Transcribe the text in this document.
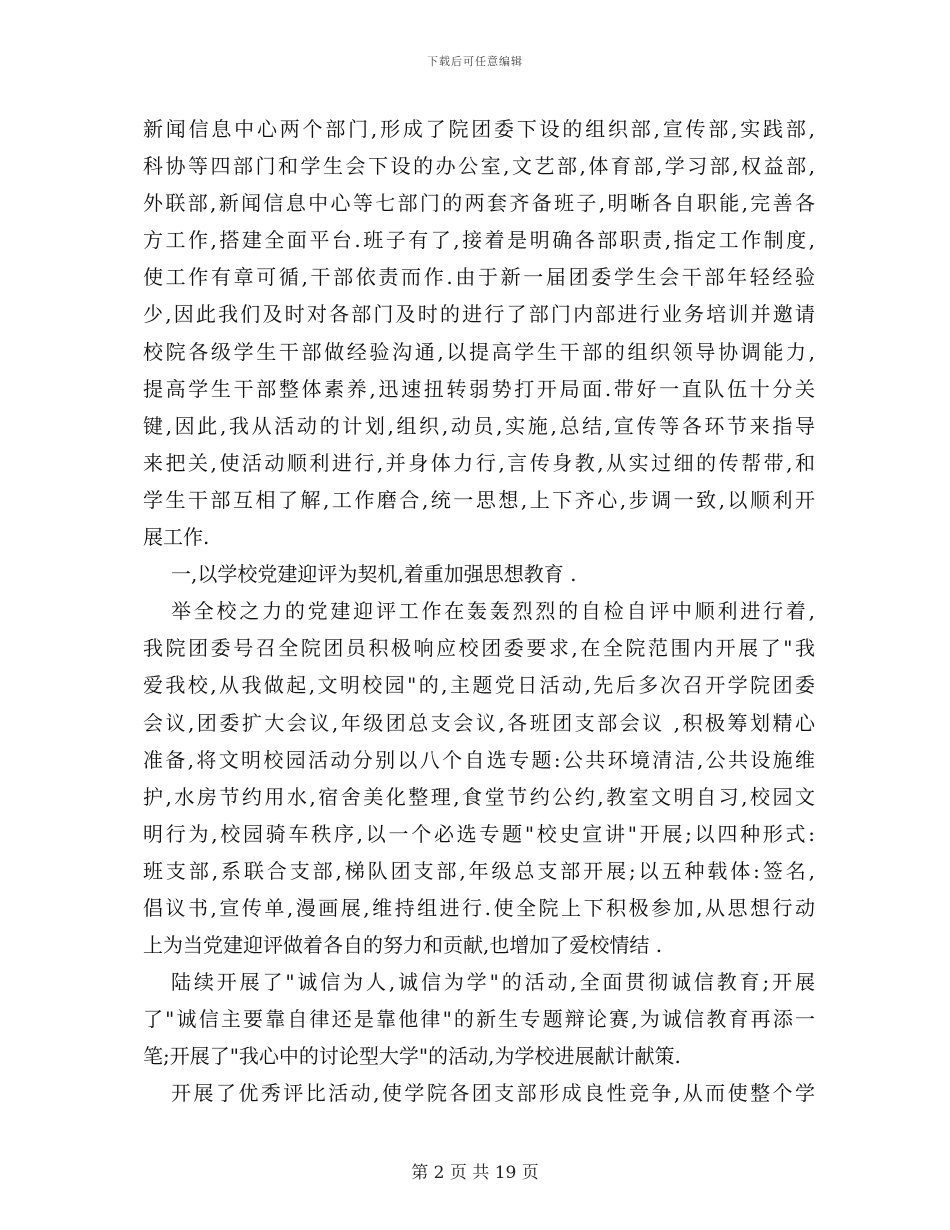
下载后可任意编辑
新闻信息中心两个部门,形成了院团委下设的组织部,宣传部,实践部,
科协等四部门和学生会下设的办公室,文艺部,体育部,学习部,权益部,
外联部,新闻信息中心等七部门的两套齐备班子,明晰各自职能,完善各
方工作,搭建全面平台.班子有了,接着是明确各部职责,指定工作制度,
使工作有章可循,干部依责而作.由于新一届团委学生会干部年轻经验
少,因此我们及时对各部门及时的进行了部门内部进行业务培训并邀请
校院各级学生干部做经验沟通,以提高学生干部的组织领导协调能力,
提高学生干部整体素养,迅速扭转弱势打开局面.带好一直队伍十分关
键,因此,我从活动的计划,组织,动员,实施,总结,宣传等各环节来指导
来把关,使活动顺利进行,并身体力行,言传身教,从实过细的传帮带,和
学生干部互相了解,工作磨合,统一思想,上下齐心,步调一致,以顺利开
展工作.
一,以学校党建迎评为契机,着重加强思想教育 .
举全校之力的党建迎评工作在轰轰烈烈的自检自评中顺利进行着,
我院团委号召全院团员积极响应校团委要求,在全院范围内开展了"我
爱我校,从我做起,文明校园"的,主题党日活动,先后多次召开学院团委
会议,团委扩大会议,年级团总支会议,各班团支部会议 ,积极筹划精心
准备,将文明校园活动分别以八个自选专题:公共环境清洁,公共设施维
护,水房节约用水,宿舍美化整理,食堂节约公约,教室文明自习,校园文
明行为,校园骑车秩序,以一个必选专题"校史宣讲"开展;以四种形式:
班支部,系联合支部,梯队团支部,年级总支部开展;以五种载体:签名,
倡议书,宣传单,漫画展,维持组进行.使全院上下积极参加,从思想行动
上为当党建迎评做着各自的努力和贡献,也增加了爱校情结 .
陆续开展了"诚信为人,诚信为学"的活动,全面贯彻诚信教育;开展
了"诚信主要靠自律还是靠他律"的新生专题辩论赛,为诚信教育再添一
笔;开展了"我心中的讨论型大学"的活动,为学校进展献计献策.
开展了优秀评比活动,使学院各团支部形成良性竞争,从而使整个学
第 2 页 共 19 页
